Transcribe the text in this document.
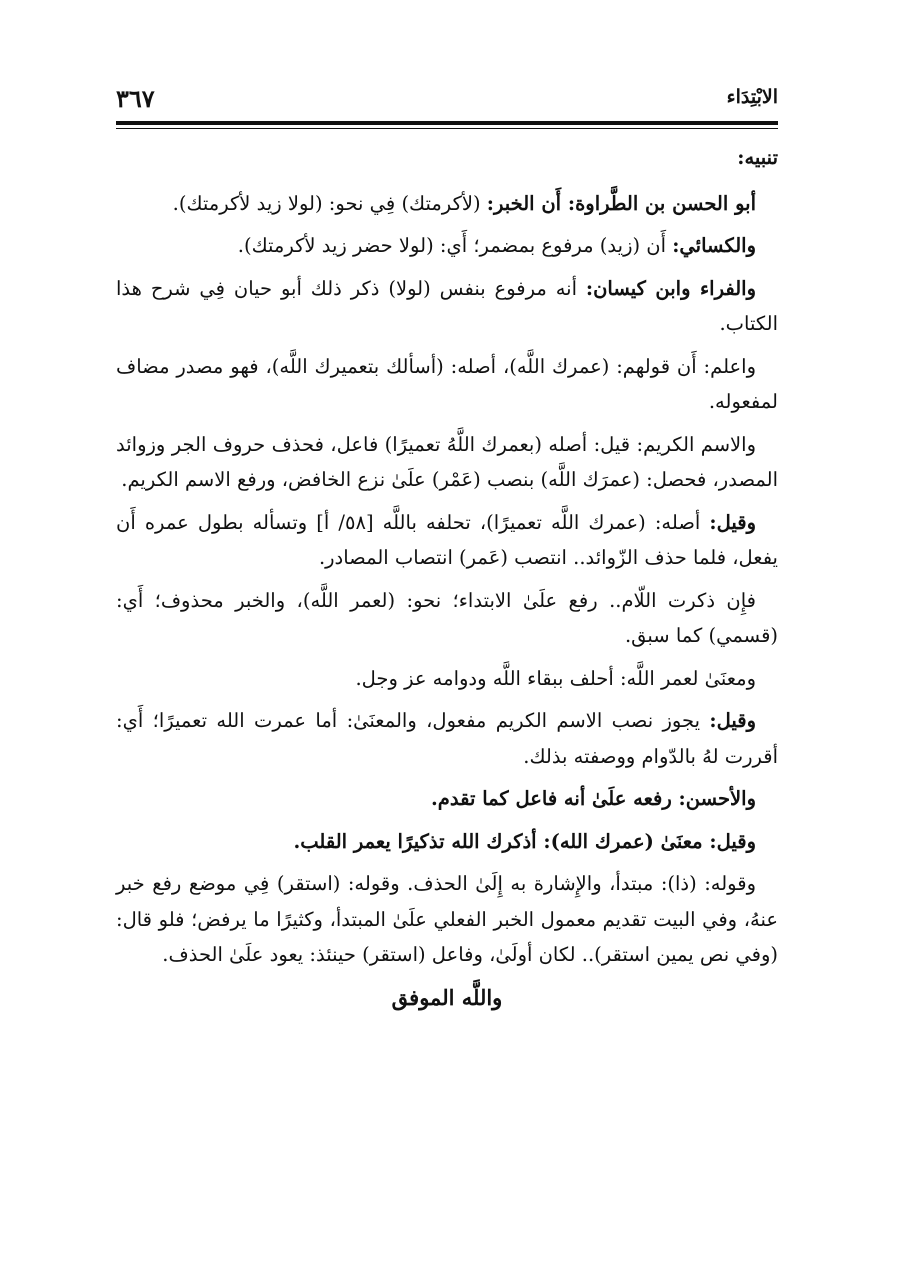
الابْتِدَاء
٣٦٧

تنبيه:

أبو الحسن بن الطَّراوة: أَن الخبر: (لأكرمتك) فِي نحو: (لولا زيد لأكرمتك).

والكسائي: أَن (زيد) مرفوع بمضمر؛ أَي: (لولا حضر زيد لأكرمتك).

والفراء وابن كيسان: أنه مرفوع بنفس (لولا) ذكر ذلك أبو حيان فِي شرح هذا الكتاب.

واعلم: أَن قولهم: (عمرك اللَّه)، أصله: (أسألك بتعميرك اللَّه)، فهو مصدر مضاف لمفعوله.

والاسم الكريم: قيل: أصله (بعمرك اللَّهُ تعميرًا) فاعل، فحذف حروف الجر وزوائد المصدر، فحصل: (عمرَك اللَّه) بنصب (عَمْر) علَىٰ نزع الخافض، ورفع الاسم الكريم.

وقيل: أصله: (عمرك اللَّه تعميرًا)، تحلفه باللَّه [٥٨/ أ] وتسأله بطول عمره أَن يفعل، فلما حذف الزّوائد.. انتصب (عَمر) انتصاب المصادر.

فإِن ذكرت اللّام.. رفع علَىٰ الابتداء؛ نحو: (لعمر اللَّه)، والخبر محذوف؛ أَي: (قسمي) كما سبق.

ومعنَىٰ لعمر اللَّه: أحلف ببقاء اللَّه ودوامه عز وجل.

وقيل: يجوز نصب الاسم الكريم مفعول، والمعنَىٰ: أما عمرت الله تعميرًا؛ أَي: أقررت لهُ بالدّوام ووصفته بذلك.

والأحسن: رفعه علَىٰ أنه فاعل كما تقدم.

وقيل: معنَىٰ (عمرك الله): أذكرك الله تذكيرًا يعمر القلب.

وقوله: (ذا): مبتدأ، والإِشارة به إِلَىٰ الحذف. وقوله: (استقر) فِي موضع رفع خبر عنهُ، وفي البيت تقديم معمول الخبر الفعلي علَىٰ المبتدأ، وكثيرًا ما يرفض؛ فلو قال: (وفي نص يمين استقر).. لكان أولَىٰ، وفاعل (استقر) حينئذ: يعود علَىٰ الحذف.

واللَّه الموفق
